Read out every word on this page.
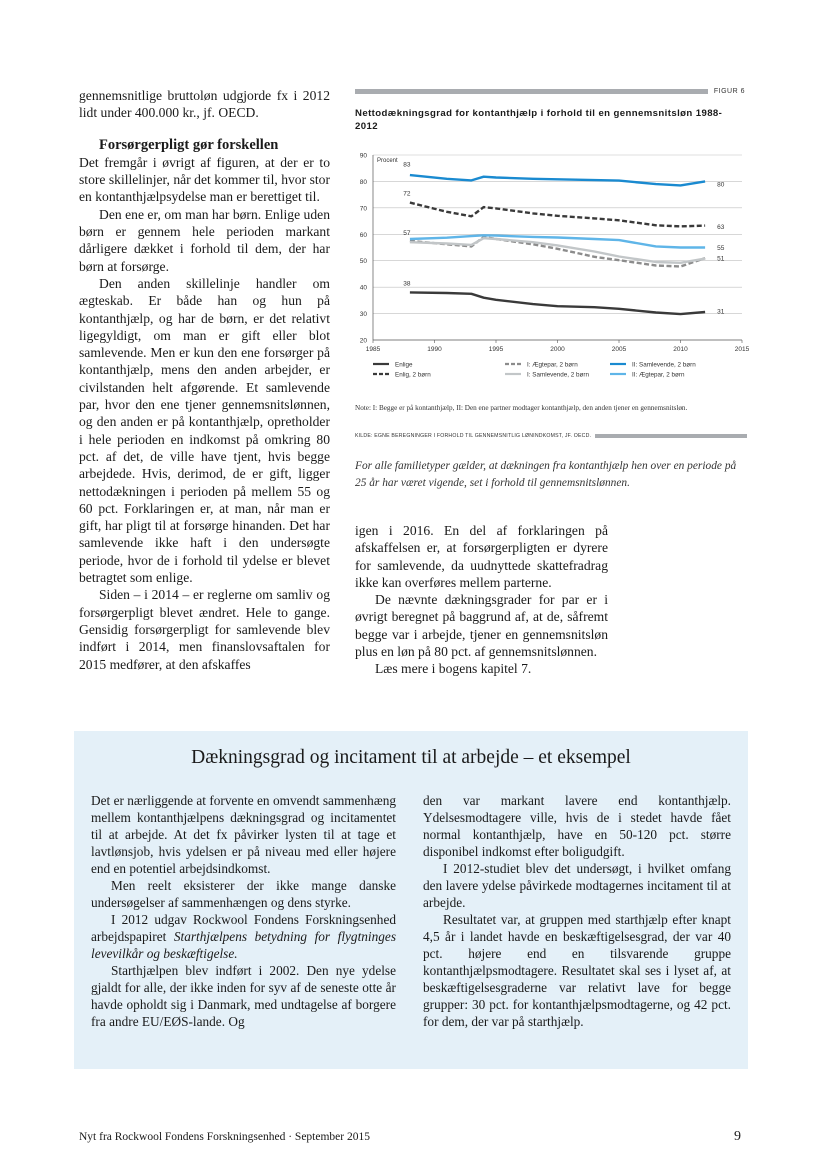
gennemsnitlige bruttoløn udgjorde fx i 2012 lidt under 400.000 kr., jf. OECD.

Forsørgerpligt gør forskellen

Det fremgår i øvrigt af figuren, at der er to store skillelinjer, når det kommer til, hvor stor en kontanthjælpsydelse man er berettiget til.

Den ene er, om man har børn. Enlige uden børn er gennem hele perioden markant dårligere dækket i forhold til dem, der har børn at forsørge.

Den anden skillelinje handler om ægteskab. Er både han og hun på kontanthjælp, og har de børn, er det relativt ligegyldigt, om man er gift eller blot samlevende. Men er kun den ene forsørger på kontanthjælp, mens den anden arbejder, er civilstanden helt afgørende. Et samlevende par, hvor den ene tjener gennemsnitslønnen, og den anden er på kontanthjælp, opretholder i hele perioden en indkomst på omkring 80 pct. af det, de ville have tjent, hvis begge arbejdede. Hvis, derimod, de er gift, ligger nettodækningen i perioden på mellem 55 og 60 pct. Forklaringen er, at man, når man er gift, har pligt til at forsørge hinanden. Det har samlevende ikke haft i den undersøgte periode, hvor de i forhold til ydelse er blevet betragtet som enlige.

Siden – i 2014 – er reglerne om samliv og forsørgerpligt blevet ændret. Hele to gange. Gensidig forsørgerpligt for samlevende blev indført i 2014, men finanslovsaftalen for 2015 medfører, at den afskaffes

FIGUR 6
Nettodækningsgrad for kontanthjælp i forhold til en gennemsnitsløn 1988-2012
20
30
40
50
60
70
80
90
1985	1990	1995	2000	2005	2010	2015
Procent
83
72
57
38
80
63
55
51
31
Enlige
Enlig, 2 børn
I: Ægtepar, 2 børn
I: Samlevende, 2 børn
II: Samlevende, 2 børn
II: Ægtepar, 2 børn
Note: I: Begge er på kontanthjælp, II: Den ene partner modtager kontanthjælp, den anden tjener en gennemsnitsløn.
KILDE: EGNE BEREGNINGER I FORHOLD TIL GENNEMSNITLIG LØNINDKOMST, JF. OECD.
For alle familietyper gælder, at dækningen fra kontanthjælp hen over en periode på 25 år har været vigende, set i forhold til gennemsnitslønnen.

igen i 2016. En del af forklaringen på afskaffelsen er, at forsørgerpligten er dyrere for samlevende, da uudnyttede skattefradrag ikke kan overføres mellem parterne.

De nævnte dækningsgrader for par er i øvrigt beregnet på baggrund af, at de, såfremt begge var i arbejde, tjener en gennemsnitsløn plus en løn på 80 pct. af gennemsnitslønnen.

Læs mere i bogens kapitel 7.

Dækningsgrad og incitament til at arbejde – et eksempel

Det er nærliggende at forvente en omvendt sammenhæng mellem kontanthjælpens dækningsgrad og incitamentet til at arbejde. At det fx påvirker lysten til at tage et lavtlønsjob, hvis ydelsen er på niveau med eller højere end en potentiel arbejdsindkomst.

Men reelt eksisterer der ikke mange danske undersøgelser af sammenhængen og dens styrke.

I 2012 udgav Rockwool Fondens Forskningsenhed arbejdspapiret Starthjælpens betydning for flygtninges levevilkår og beskæftigelse.

Starthjælpen blev indført i 2002. Den nye ydelse gjaldt for alle, der ikke inden for syv af de seneste otte år havde opholdt sig i Danmark, med undtagelse af borgere fra andre EU/EØS-lande. Og

den var markant lavere end kontanthjælp. Ydelsesmodtagere ville, hvis de i stedet havde fået normal kontanthjælp, have en 50-120 pct. større disponibel indkomst efter boligudgift.

I 2012-studiet blev det undersøgt, i hvilket omfang den lavere ydelse påvirkede modtagernes incitament til at arbejde.

Resultatet var, at gruppen med starthjælp efter knapt 4,5 år i landet havde en beskæftigelsesgrad, der var 40 pct. højere end en tilsvarende gruppe kontanthjælpsmodtagere. Resultatet skal ses i lyset af, at beskæftigelsesgraderne var relativt lave for begge grupper: 30 pct. for kontanthjælpsmodtagerne, og 42 pct. for dem, der var på starthjælp.

Nyt fra Rockwool Fondens Forskningsenhed · September 2015	9
